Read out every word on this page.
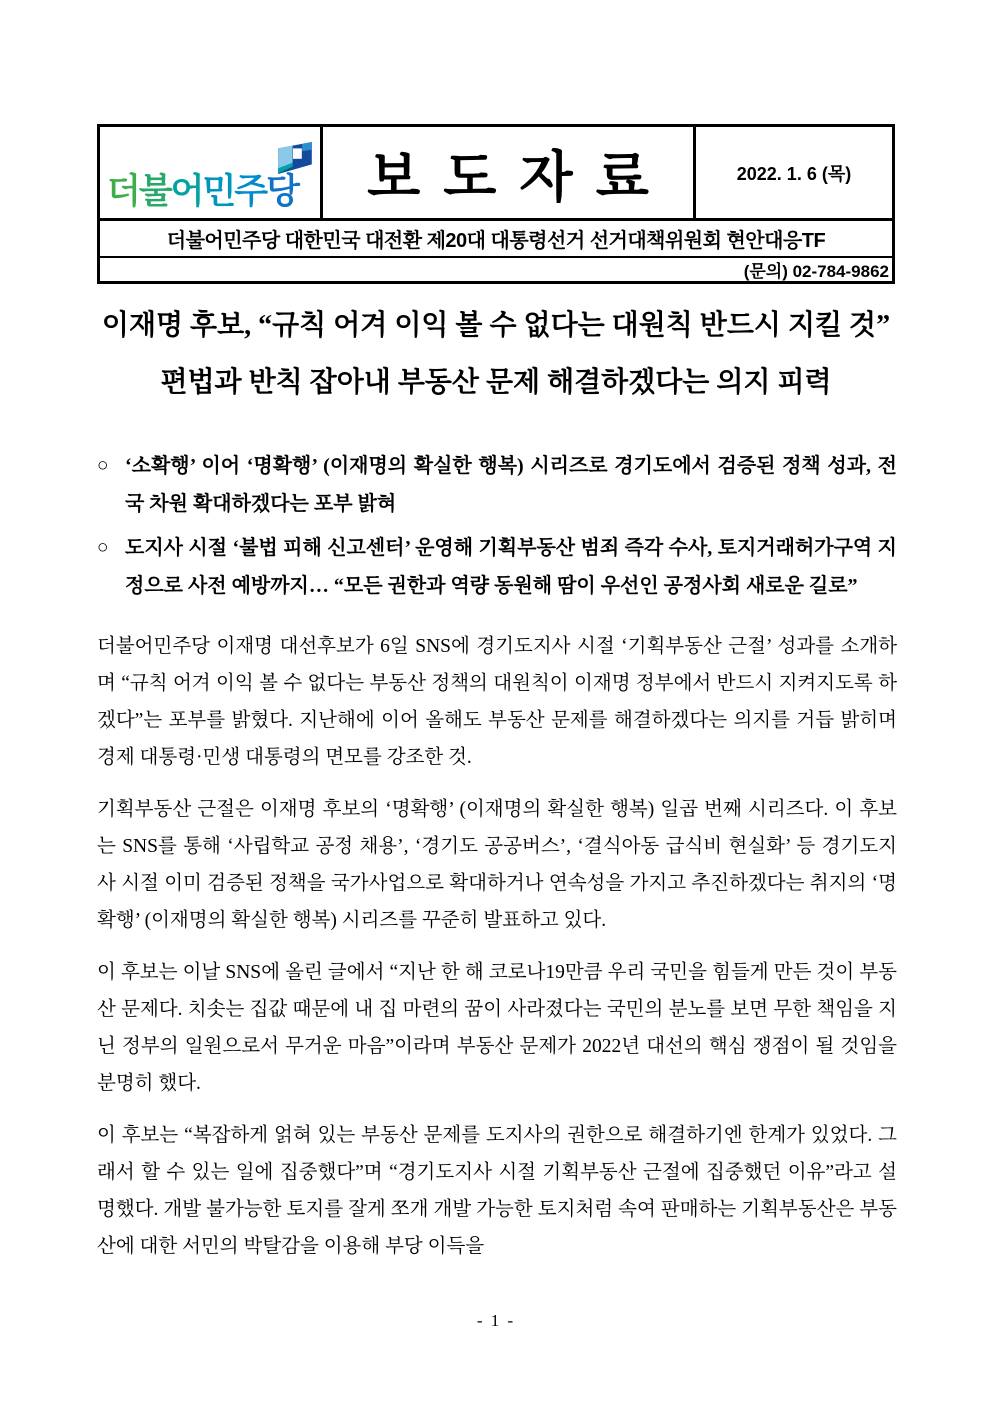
더불어민주당	보도자료	2022. 1. 6 (목)
더불어민주당 대한민국 대전환 제20대 대통령선거 선거대책위원회 현안대응TF
(문의) 02-784-9862
이재명 후보, “규칙 어겨 이익 볼 수 없다는 대원칙 반드시 지킬 것”
편법과 반칙 잡아내 부동산 문제 해결하겠다는 의지 피력
○ ‘소확행’ 이어 ‘명확행’ (이재명의 확실한 행복) 시리즈로 경기도에서 검증된 정책 성과, 전국 차원 확대하겠다는 포부 밝혀
○ 도지사 시절 ‘불법 피해 신고센터’ 운영해 기획부동산 범죄 즉각 수사, 토지거래허가구역 지정으로 사전 예방까지… “모든 권한과 역량 동원해 땀이 우선인 공정사회 새로운 길로”

더불어민주당 이재명 대선후보가 6일 SNS에 경기도지사 시절 ‘기획부동산 근절’ 성과를 소개하며 “규칙 어겨 이익 볼 수 없다는 부동산 정책의 대원칙이 이재명 정부에서 반드시 지켜지도록 하겠다”는 포부를 밝혔다. 지난해에 이어 올해도 부동산 문제를 해결하겠다는 의지를 거듭 밝히며 경제 대통령·민생 대통령의 면모를 강조한 것.

기획부동산 근절은 이재명 후보의 ‘명확행’ (이재명의 확실한 행복) 일곱 번째 시리즈다. 이 후보는 SNS를 통해 ‘사립학교 공정 채용’, ‘경기도 공공버스’, ‘결식아동 급식비 현실화’ 등 경기도지사 시절 이미 검증된 정책을 국가사업으로 확대하거나 연속성을 가지고 추진하겠다는 취지의 ‘명확행’ (이재명의 확실한 행복) 시리즈를 꾸준히 발표하고 있다.

이 후보는 이날 SNS에 올린 글에서 “지난 한 해 코로나19만큼 우리 국민을 힘들게 만든 것이 부동산 문제다. 치솟는 집값 때문에 내 집 마련의 꿈이 사라졌다는 국민의 분노를 보면 무한 책임을 지닌 정부의 일원으로서 무거운 마음”이라며 부동산 문제가 2022년 대선의 핵심 쟁점이 될 것임을 분명히 했다.

이 후보는 “복잡하게 얽혀 있는 부동산 문제를 도지사의 권한으로 해결하기엔 한계가 있었다. 그래서 할 수 있는 일에 집중했다”며 “경기도지사 시절 기획부동산 근절에 집중했던 이유”라고 설명했다. 개발 불가능한 토지를 잘게 쪼개 개발 가능한 토지처럼 속여 판매하는 기획부동산은 부동산에 대한 서민의 박탈감을 이용해 부당 이득을

- 1 -
